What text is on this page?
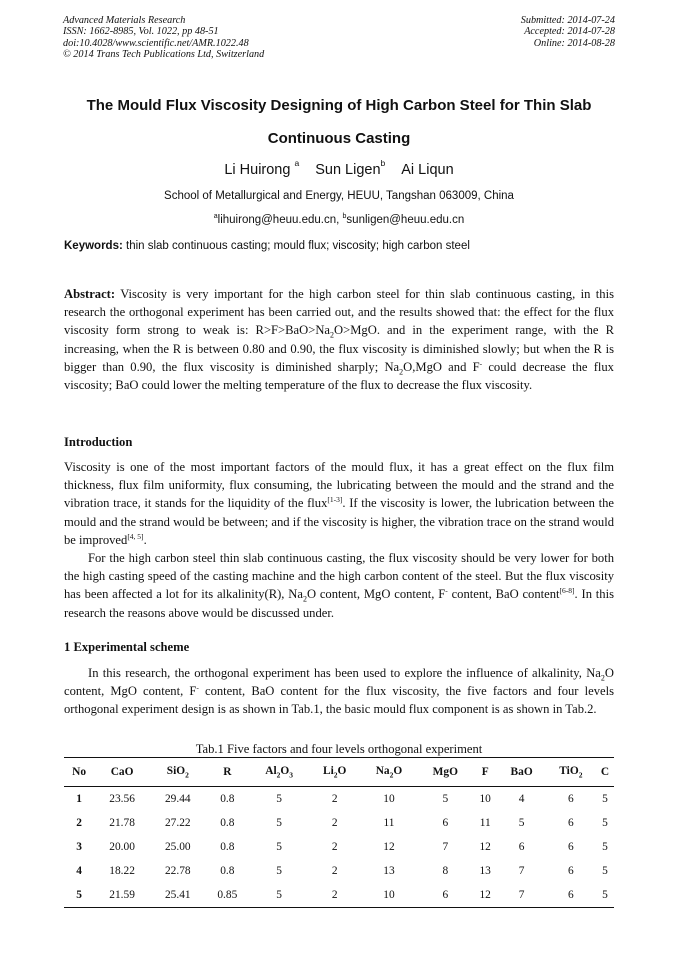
Advanced Materials Research
ISSN: 1662-8985, Vol. 1022, pp 48-51
doi:10.4028/www.scientific.net/AMR.1022.48
© 2014 Trans Tech Publications Ltd, Switzerland
Submitted: 2014-07-24
Accepted: 2014-07-28
Online: 2014-08-28
The Mould Flux Viscosity Designing of High Carbon Steel for Thin Slab
Continuous Casting
Li Huirong $^a$ Sun Ligen$^b$ Ai Liqun
School of Metallurgical and Energy, HEUU, Tangshan 063009, China
$^a$lihuirong@heuu.edu.cn, $^b$sunligen@heuu.edu.cn
Keywords: thin slab continuous casting; mould flux; viscosity; high carbon steel
Abstract: Viscosity is very important for the high carbon steel for thin slab continuous casting, in this research the orthogonal experiment has been carried out, and the results showed that: the effect for the flux viscosity form strong to weak is: $R>F>BaO>Na_2O>MgO$. and in the experiment range, with the R increasing, when the R is between 0.80 and 0.90, the flux viscosity is diminished slowly; but when the R is bigger than 0.90, the flux viscosity is diminished sharply; $Na_2O,MgO$ and F- could decrease the flux viscosity; BaO could lower the melting temperature of the flux to decrease the flux viscosity.
Introduction
Viscosity is one of the most important factors of the mould flux, it has a great effect on the flux film thickness, flux film uniformity, flux consuming, the lubricating between the mould and the strand and the vibration trace, it stands for the liquidity of the flux[1-3]. If the viscosity is lower, the lubrication between the mould and the strand would be between; and if the viscosity is higher, the vibration trace on the strand would be improved[4, 5].
For the high carbon steel thin slab continuous casting, the flux viscosity should be very lower for both the high casting speed of the casting machine and the high carbon content of the steel. But the flux viscosity has been affected a lot for its alkalinity(R), $Na_2O$ content, MgO content, F- content, BaO content[6-8]. In this research the reasons above would be discussed under.
1 Experimental scheme
In this research, the orthogonal experiment has been used to explore the influence of alkalinity, $Na_2O$ content, MgO content, F- content, BaO content for the flux viscosity, the five factors and four levels orthogonal experiment design is as shown in Tab.1, the basic mould flux component is as shown in Tab.2.
Tab.1 Five factors and four levels orthogonal experiment
No	CaO	SiO$_2$	R	$Al_2O_3$	$Li_2O$	$Na_2O$	MgO	F	BaO	TiO$_2$	C
1	23.56	29.44	0.8	5	2	10	5	10	4	6	5
2	21.78	27.22	0.8	5	2	11	6	11	5	6	5
3	20.00	25.00	0.8	5	2	12	7	12	6	6	5
4	18.22	22.78	0.8	5	2	13	8	13	7	6	5
5	21.59	25.41	0.85	5	2	10	6	12	7	6	5
